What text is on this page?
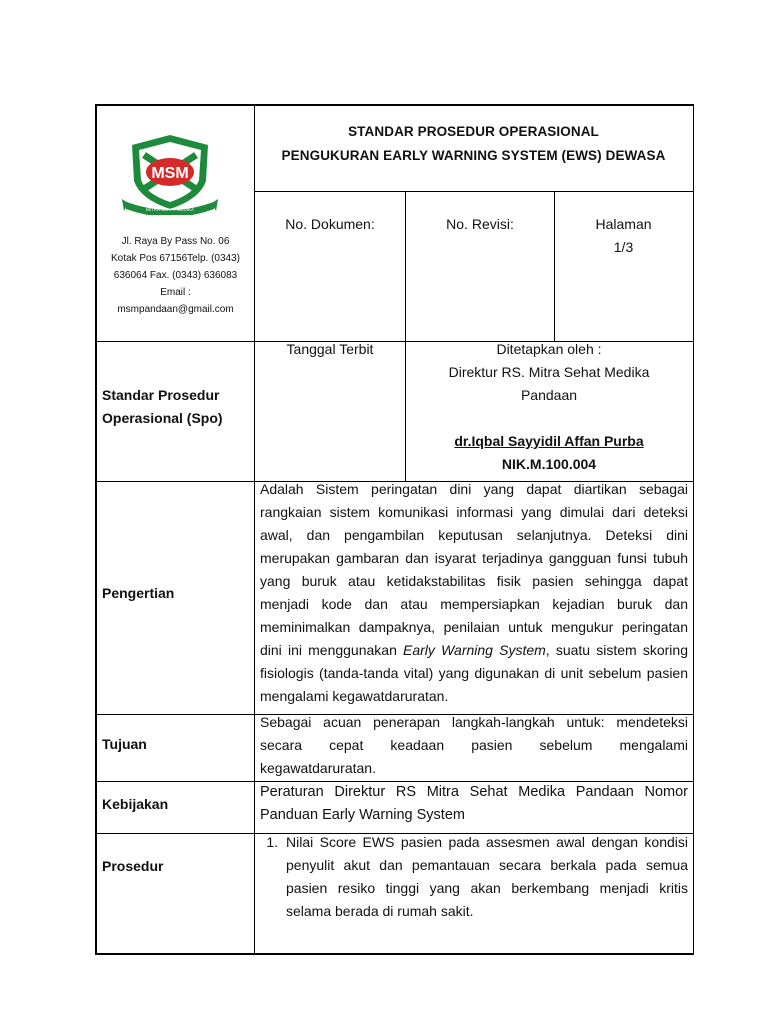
MSM
MITRA SEHAT MEDIKA
Jl. Raya By Pass No. 06
Kotak Pos 67156Telp. (0343)
636064 Fax. (0343) 636083
Email :
msmpandaan@gmail.com
STANDAR PROSEDUR OPERASIONAL
PENGUKURAN EARLY WARNING SYSTEM (EWS) DEWASA
No. Dokumen:	No. Revisi:	Halaman
1/3
Standar Prosedur
Operasional (Spo)
Tanggal Terbit	Ditetapkan oleh :
Direktur RS. Mitra Sehat Medika
Pandaan
dr.Iqbal Sayyidil Affan Purba
NIK.M.100.004
Pengertian
Adalah Sistem peringatan dini yang dapat diartikan sebagai rangkaian sistem komunikasi informasi yang dimulai dari deteksi awal, dan pengambilan keputusan selanjutnya. Deteksi dini merupakan gambaran dan isyarat terjadinya gangguan funsi tubuh yang buruk atau ketidakstabilitas fisik pasien sehingga dapat menjadi kode dan atau mempersiapkan kejadian buruk dan meminimalkan dampaknya, penilaian untuk mengukur peringatan dini ini menggunakan Early Warning System, suatu sistem skoring fisiologis (tanda-tanda vital) yang digunakan di unit sebelum pasien mengalami kegawatdaruratan.
Tujuan
Sebagai acuan penerapan langkah-langkah untuk: mendeteksi secara cepat keadaan pasien sebelum mengalami kegawatdaruratan.
Kebijakan
Peraturan Direktur RS Mitra Sehat Medika Pandaan Nomor Panduan Early Warning System
Prosedur
1. Nilai Score EWS pasien pada assesmen awal dengan kondisi penyulit akut dan pemantauan secara berkala pada semua pasien resiko tinggi yang akan berkembang menjadi kritis selama berada di rumah sakit.
